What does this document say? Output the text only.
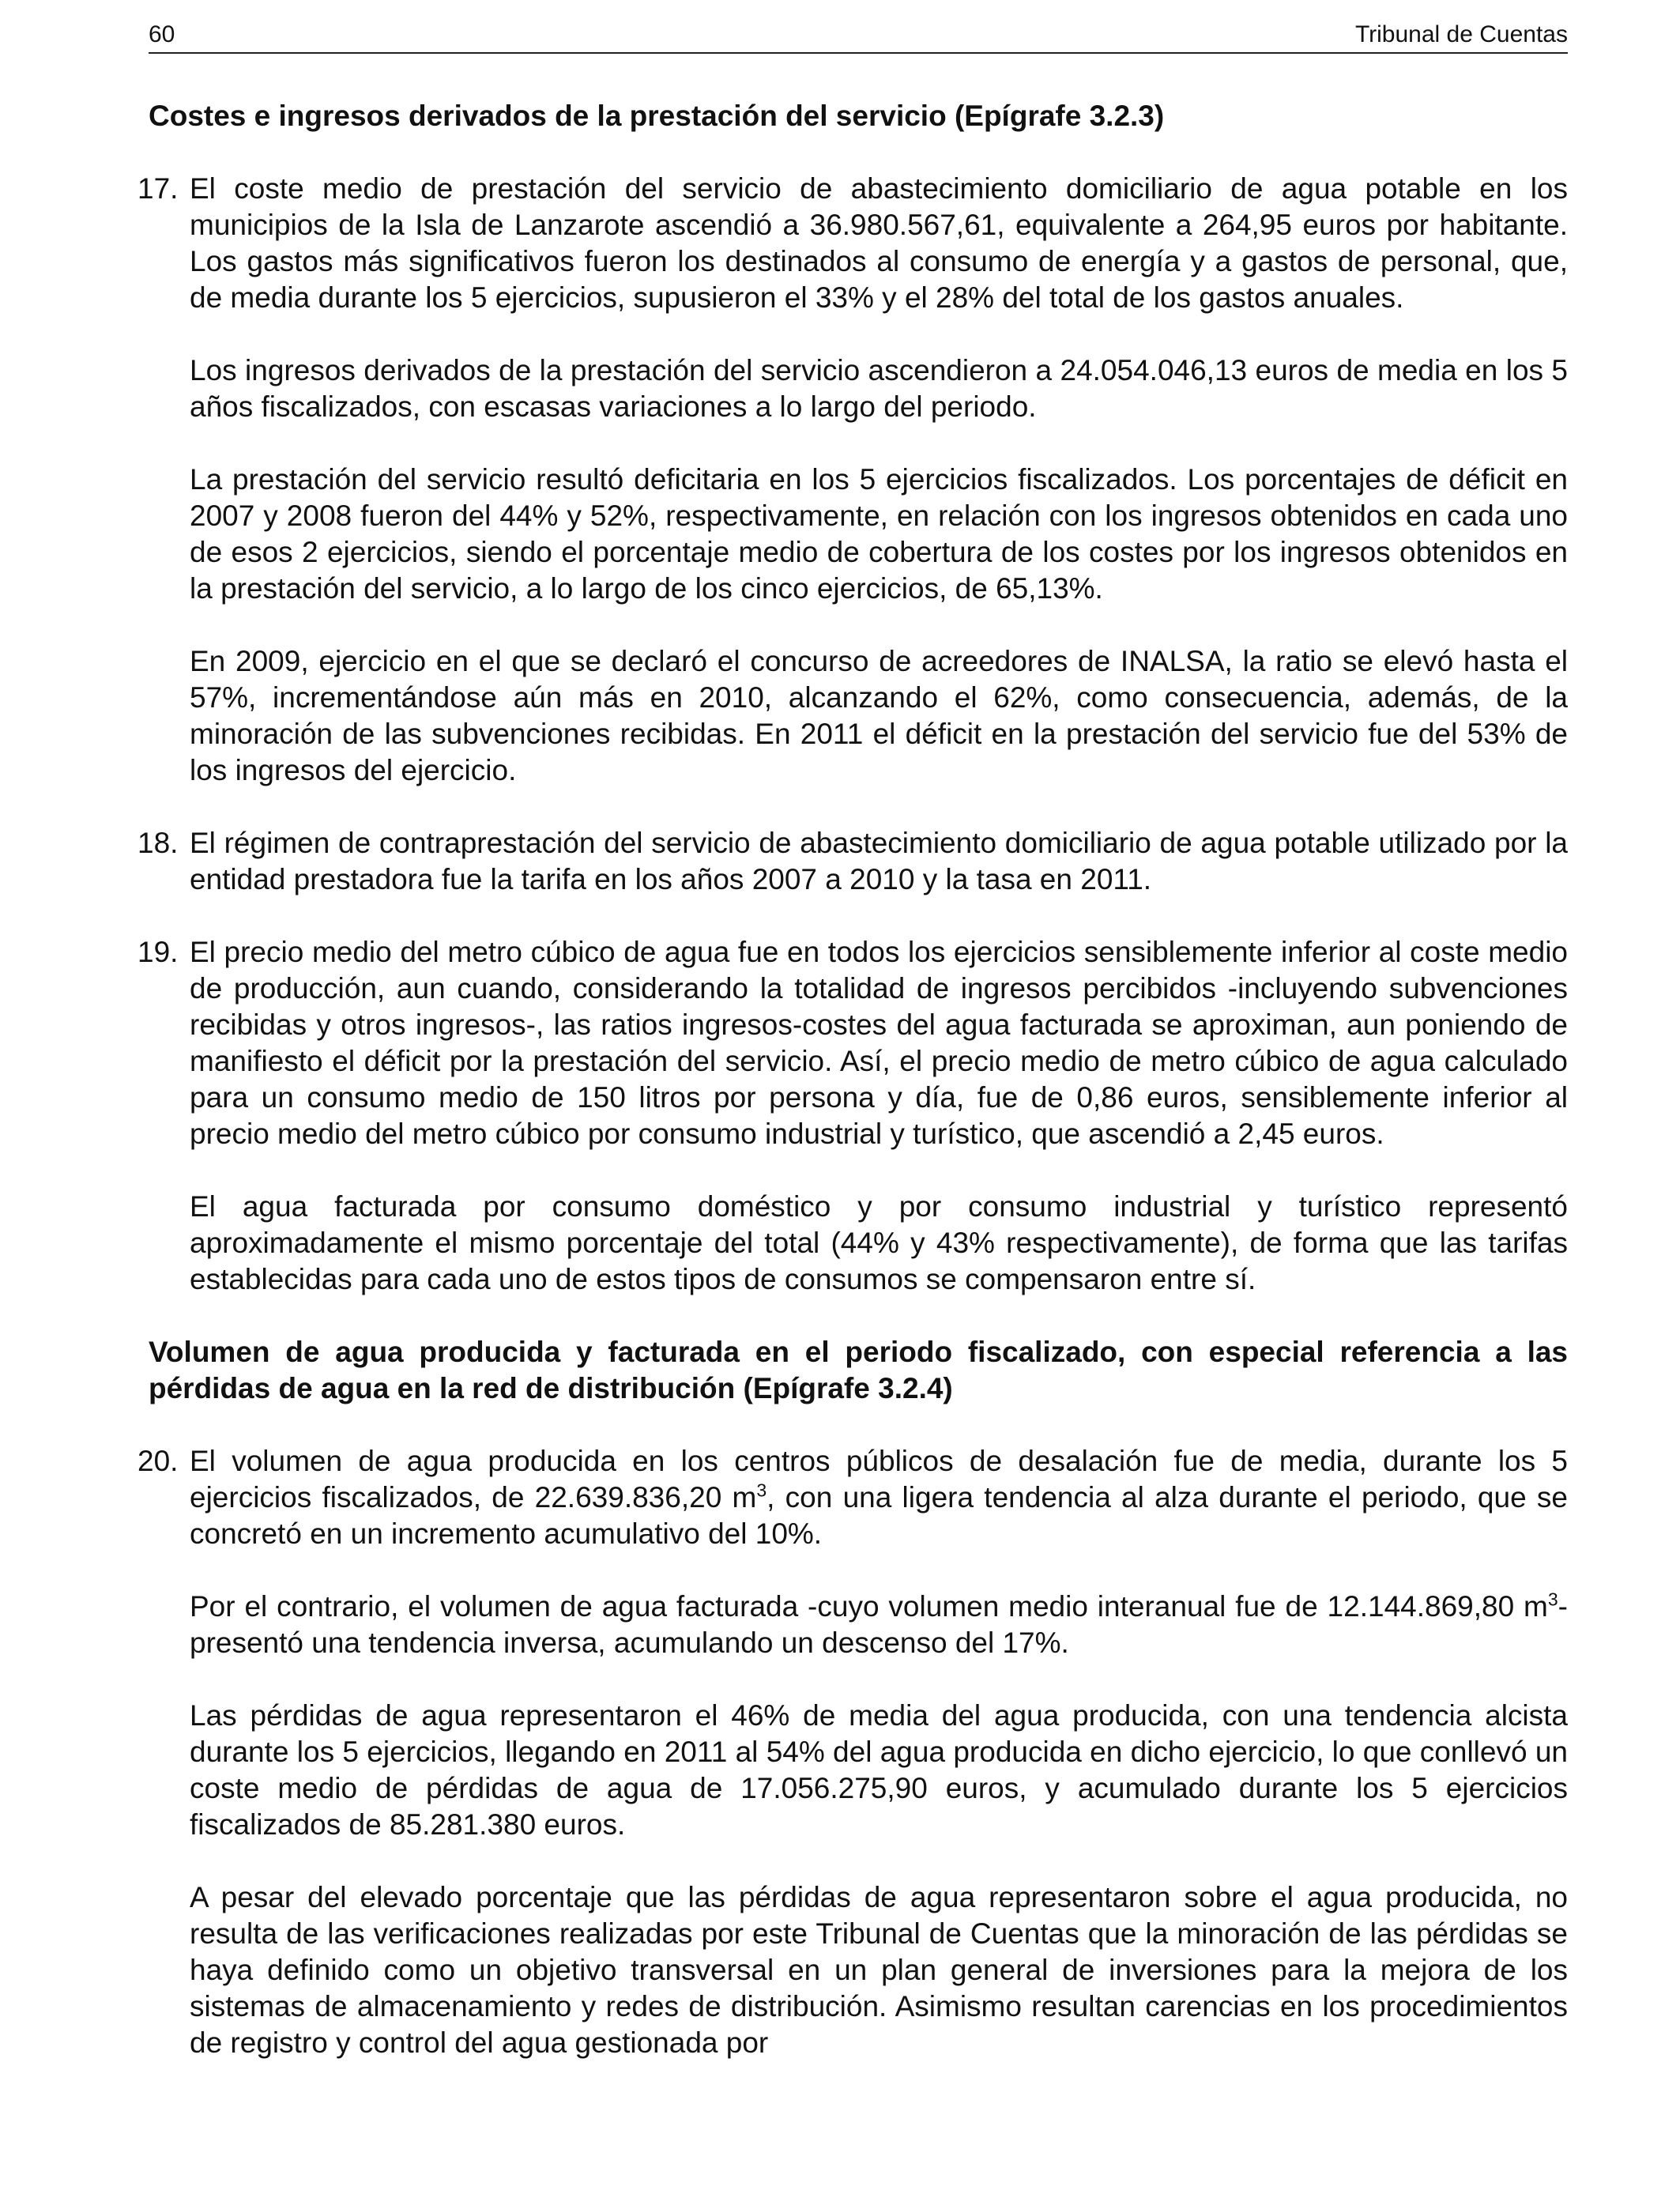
60	Tribunal de Cuentas
Costes e ingresos derivados de la prestación del servicio (Epígrafe 3.2.3)
17. El coste medio de prestación del servicio de abastecimiento domiciliario de agua potable en los municipios de la Isla de Lanzarote ascendió a 36.980.567,61, equivalente a 264,95 euros por habitante. Los gastos más significativos fueron los destinados al consumo de energía y a gastos de personal, que, de media durante los 5 ejercicios, supusieron el 33% y el 28% del total de los gastos anuales.

Los ingresos derivados de la prestación del servicio ascendieron a 24.054.046,13 euros de media en los 5 años fiscalizados, con escasas variaciones a lo largo del periodo.

La prestación del servicio resultó deficitaria en los 5 ejercicios fiscalizados. Los porcentajes de déficit en 2007 y 2008 fueron del 44% y 52%, respectivamente, en relación con los ingresos obtenidos en cada uno de esos 2 ejercicios, siendo el porcentaje medio de cobertura de los costes por los ingresos obtenidos en la prestación del servicio, a lo largo de los cinco ejercicios, de 65,13%.

En 2009, ejercicio en el que se declaró el concurso de acreedores de INALSA, la ratio se elevó hasta el 57%, incrementándose aún más en 2010, alcanzando el 62%, como consecuencia, además, de la minoración de las subvenciones recibidas. En 2011 el déficit en la prestación del servicio fue del 53% de los ingresos del ejercicio.

18. El régimen de contraprestación del servicio de abastecimiento domiciliario de agua potable utilizado por la entidad prestadora fue la tarifa en los años 2007 a 2010 y la tasa en 2011.

19. El precio medio del metro cúbico de agua fue en todos los ejercicios sensiblemente inferior al coste medio de producción, aun cuando, considerando la totalidad de ingresos percibidos -incluyendo subvenciones recibidas y otros ingresos-, las ratios ingresos-costes del agua facturada se aproximan, aun poniendo de manifiesto el déficit por la prestación del servicio. Así, el precio medio de metro cúbico de agua calculado para un consumo medio de 150 litros por persona y día, fue de 0,86 euros, sensiblemente inferior al precio medio del metro cúbico por consumo industrial y turístico, que ascendió a 2,45 euros.

El agua facturada por consumo doméstico y por consumo industrial y turístico representó aproximadamente el mismo porcentaje del total (44% y 43% respectivamente), de forma que las tarifas establecidas para cada uno de estos tipos de consumos se compensaron entre sí.

Volumen de agua producida y facturada en el periodo fiscalizado, con especial referencia a las pérdidas de agua en la red de distribución (Epígrafe 3.2.4)
20. El volumen de agua producida en los centros públicos de desalación fue de media, durante los 5 ejercicios fiscalizados, de 22.639.836,20 $m^3$, con una ligera tendencia al alza durante el periodo, que se concretó en un incremento acumulativo del 10%.

Por el contrario, el volumen de agua facturada -cuyo volumen medio interanual fue de 12.144.869,80 $m^3-$ presentó una tendencia inversa, acumulando un descenso del 17%.

Las pérdidas de agua representaron el 46% de media del agua producida, con una tendencia alcista durante los 5 ejercicios, llegando en 2011 al 54% del agua producida en dicho ejercicio, lo que conllevó un coste medio de pérdidas de agua de 17.056.275,90 euros, y acumulado durante los 5 ejercicios fiscalizados de 85.281.380 euros.

A pesar del elevado porcentaje que las pérdidas de agua representaron sobre el agua producida, no resulta de las verificaciones realizadas por este Tribunal de Cuentas que la minoración de las pérdidas se haya definido como un objetivo transversal en un plan general de inversiones para la mejora de los sistemas de almacenamiento y redes de distribución. Asimismo resultan carencias en los procedimientos de registro y control del agua gestionada por
